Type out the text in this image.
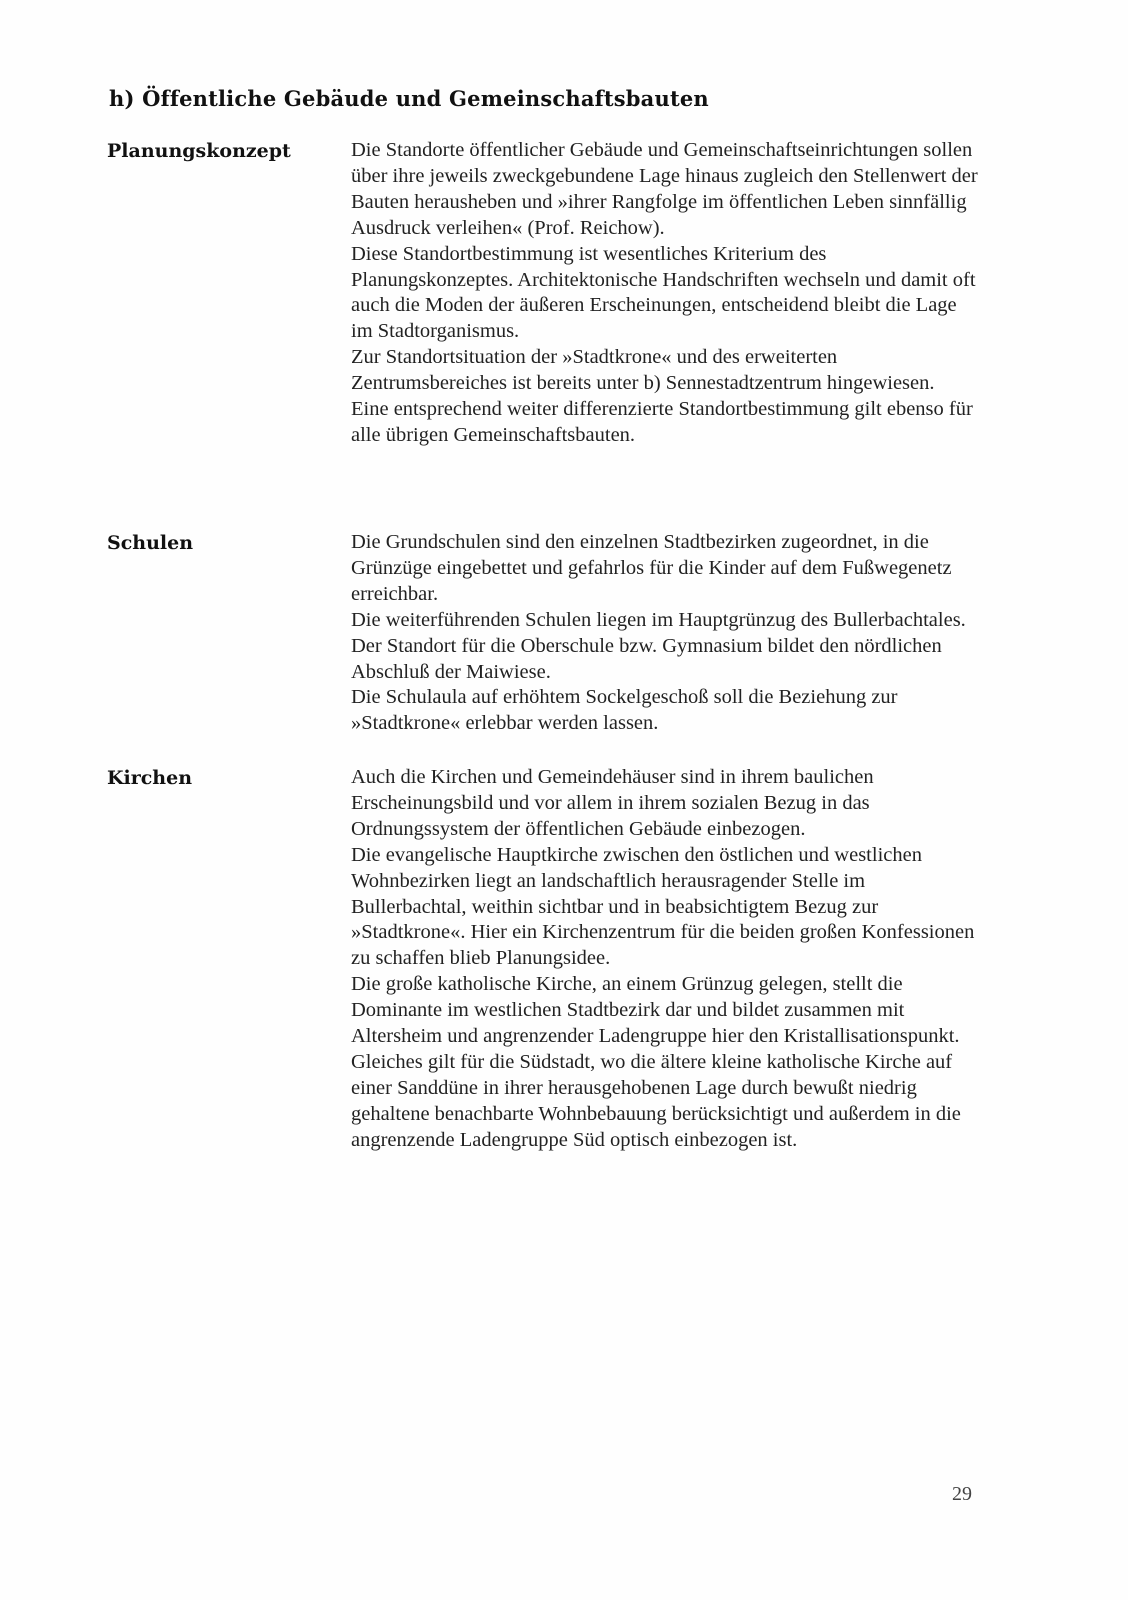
h) Öffentliche Gebäude und Gemeinschaftsbauten
Planungskonzept	Die Standorte öffentlicher Gebäude und Gemeinschaftseinrichtungen sollen über ihre jeweils zweckgebundene Lage hinaus zugleich den Stellenwert der Bauten herausheben und »ihrer Rangfolge im öffentlichen Leben sinnfällig Ausdruck verleihen« (Prof. Reichow).

Diese Standortbestimmung ist wesentliches Kriterium des Planungskonzeptes. Architektonische Handschriften wechseln und damit oft auch die Moden der äußeren Erscheinungen, entscheidend bleibt die Lage im Stadtorganismus.

Zur Standortsituation der »Stadtkrone« und des erweiterten Zentrumsbereiches ist bereits unter b) Sennestadtzentrum hingewiesen.

Eine entsprechend weiter differenzierte Standortbestimmung gilt ebenso für alle übrigen Gemeinschaftsbauten.

Schulen	Die Grundschulen sind den einzelnen Stadtbezirken zugeordnet, in die Grünzüge eingebettet und gefahrlos für die Kinder auf dem Fußwegenetz erreichbar.

Die weiterführenden Schulen liegen im Hauptgrünzug des Bullerbachtales. Der Standort für die Oberschule bzw. Gymnasium bildet den nördlichen Abschluß der Maiwiese.

Die Schulaula auf erhöhtem Sockelgeschoß soll die Beziehung zur »Stadtkrone« erlebbar werden lassen.

Kirchen	Auch die Kirchen und Gemeindehäuser sind in ihrem baulichen Erscheinungsbild und vor allem in ihrem sozialen Bezug in das Ordnungssystem der öffentlichen Gebäude einbezogen.

Die evangelische Hauptkirche zwischen den östlichen und westlichen Wohnbezirken liegt an landschaftlich herausragender Stelle im Bullerbachtal, weithin sichtbar und in beabsichtigtem Bezug zur »Stadtkrone«. Hier ein Kirchenzentrum für die beiden großen Konfessionen zu schaffen blieb Planungsidee.

Die große katholische Kirche, an einem Grünzug gelegen, stellt die Dominante im westlichen Stadtbezirk dar und bildet zusammen mit Altersheim und angrenzender Ladengruppe hier den Kristallisationspunkt. Gleiches gilt für die Südstadt, wo die ältere kleine katholische Kirche auf einer Sanddüne in ihrer herausgehobenen Lage durch bewußt niedrig gehaltene benachbarte Wohnbebauung berücksichtigt und außerdem in die angrenzende Ladengruppe Süd optisch einbezogen ist.

29
